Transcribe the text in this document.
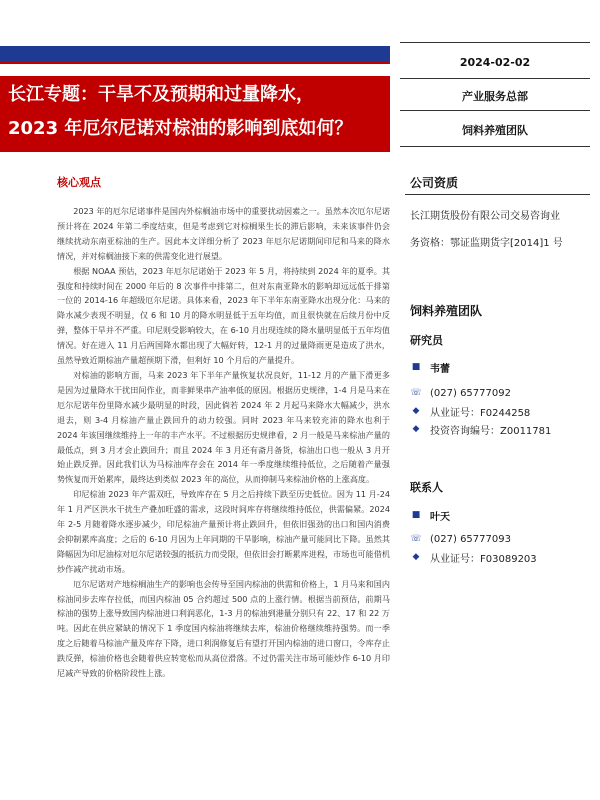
长江专题：干旱不及预期和过量降水，
2023 年厄尔尼诺对棕油的影响到底如何？
2024-02-02
产业服务总部
饲料养殖团队
核心观点

2023 年的厄尔尼诺事件是国内外棕榈油市场中的重要扰动因素之一。虽然本次厄尔尼诺预计将在 2024 年第二季度结束，但是考虑到它对棕榈果生长的滞后影响，未来该事件仍会继续扰动东南亚棕油的生产。因此本文详细分析了 2023 年厄尔尼诺期间印尼和马来的降水情况，并对棕榈油接下来的供需变化进行展望。

根据 NOAA 预估，2023 年厄尔尼诺始于 2023 年 5 月，将持续到 2024 年的夏季。其强度和持续时间在 2000 年后的 8 次事件中排第二，但对东南亚降水的影响却远远低于排第一位的 2014-16 年超级厄尔尼诺。具体来看，2023 年下半年东南亚降水出现分化：马来的降水减少表现不明显，仅 6 和 10 月的降水明显低于五年均值，而且很快就在后续月份中反弹，整体干旱并不严重。印尼则受影响较大，在 6-10 月出现连续的降水量明显低于五年均值情况。好在进入 11 月后两国降水都出现了大幅好转，12-1 月的过量降雨更是造成了洪水，虽然导致近期棕油产量超预期下滑，但利好 10 个月后的产量提升。

对棕油的影响方面，马来 2023 年下半年产量恢复状况良好，11-12 月的产量下滑更多是因为过量降水干扰田间作业，而非鲜果串产油率低的原因。根据历史规律，1-4 月是马来在厄尔尼诺年份里降水减少最明显的时段，因此倘若 2024 年 2 月起马来降水大幅减少，洪水退去，则 3-4 月棕油产量止跌回升的动力较强。同时 2023 年马来较充沛的降水也利于 2024 年该国继续维持上一年的丰产水平。不过根据历史规律看，2 月一般是马来棕油产量的最低点，到 3 月才会止跌回升；而且 2024 年 3 月还有斋月备货，棕油出口也一般从 3 月开始止跌反弹。因此我们认为马棕油库存会在 2014 年一季度继续维持低位，之后随着产量强势恢复而开始累库，最终达到类似 2023 年的高位，从而抑制马来棕油价格的上涨高度。

印尼棕油 2023 年产需双旺，导致库存在 5 月之后持续下跌至历史低位。因为 11 月-24 年 1 月严区洪水干扰生产叠加旺盛的需求，这段时间库存将继续维持低位，供需偏紧。2024 年 2-5 月随着降水逐步减少，印尼棕油产量预计将止跌回升，但依旧强劲的出口和国内消费会抑制累库高度；之后的 6-10 月因为上年同期的干旱影响，棕油产量可能同比下降。虽然其降幅因为印尼油棕对厄尔尼诺较强的抵抗力而受限，但依旧会打断累库进程，市场也可能借机炒作减产扰动市场。

厄尔尼诺对产地棕榈油生产的影响也会传导至国内棕油的供需和价格上，1 月马来和国内棕油同步去库存拉低，而国内棕油 05 合约超过 500 点的上涨行情。根据当前预估，前期马棕油的强势上涨导致国内棕油进口利润恶化，1-3 月的棕油到港量分别只有 22、17 和 22 万吨。因此在供应紧缺的情况下 1 季度国内棕油将继续去库，棕油价格继续维持强势。而一季度之后随着马棕油产量及库存下降，进口利润修复后有望打开国内棕油的进口窗口，令库存止跌反弹，棕油价格也会随着供应转宽松而从高位滑落。不过仍需关注市场可能炒作 6-10 月印尼减产导致的价格阶段性上涨。

公司资质
长江期货股份有限公司交易咨询业
务资格：鄂证监期货字[2014]1 号
饲料养殖团队
研究员
■ 韦蕾
☏ (027) 65777092
◆ 从业证号：F0244258
◆ 投资咨询编号：Z0011781
联系人
■ 叶天
☏ (027) 65777093
◆ 从业证号：F03089203
